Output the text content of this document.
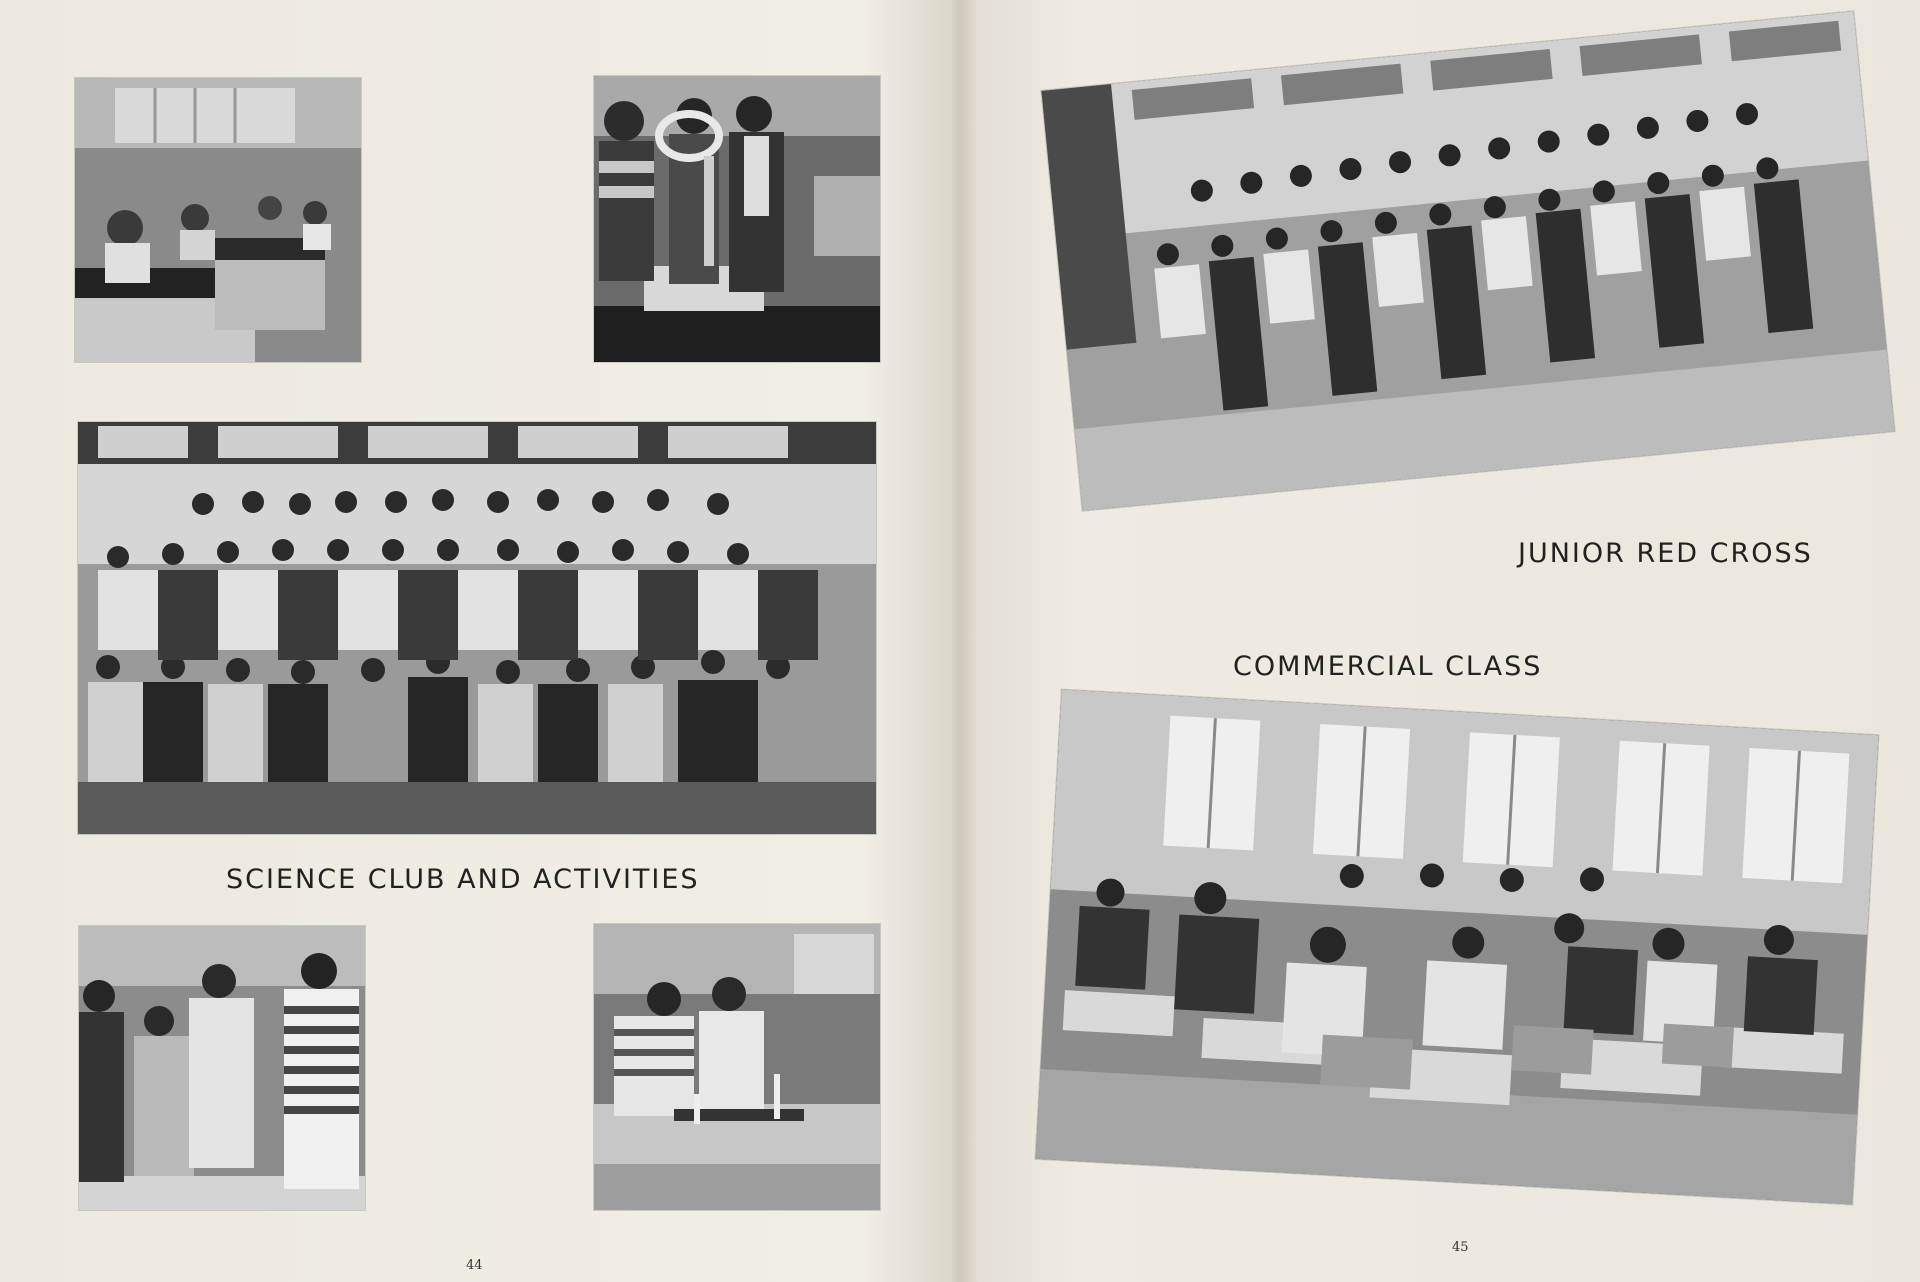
SCIENCE CLUB AND ACTIVITIES
44
JUNIOR RED CROSS
COMMERCIAL CLASS
45
